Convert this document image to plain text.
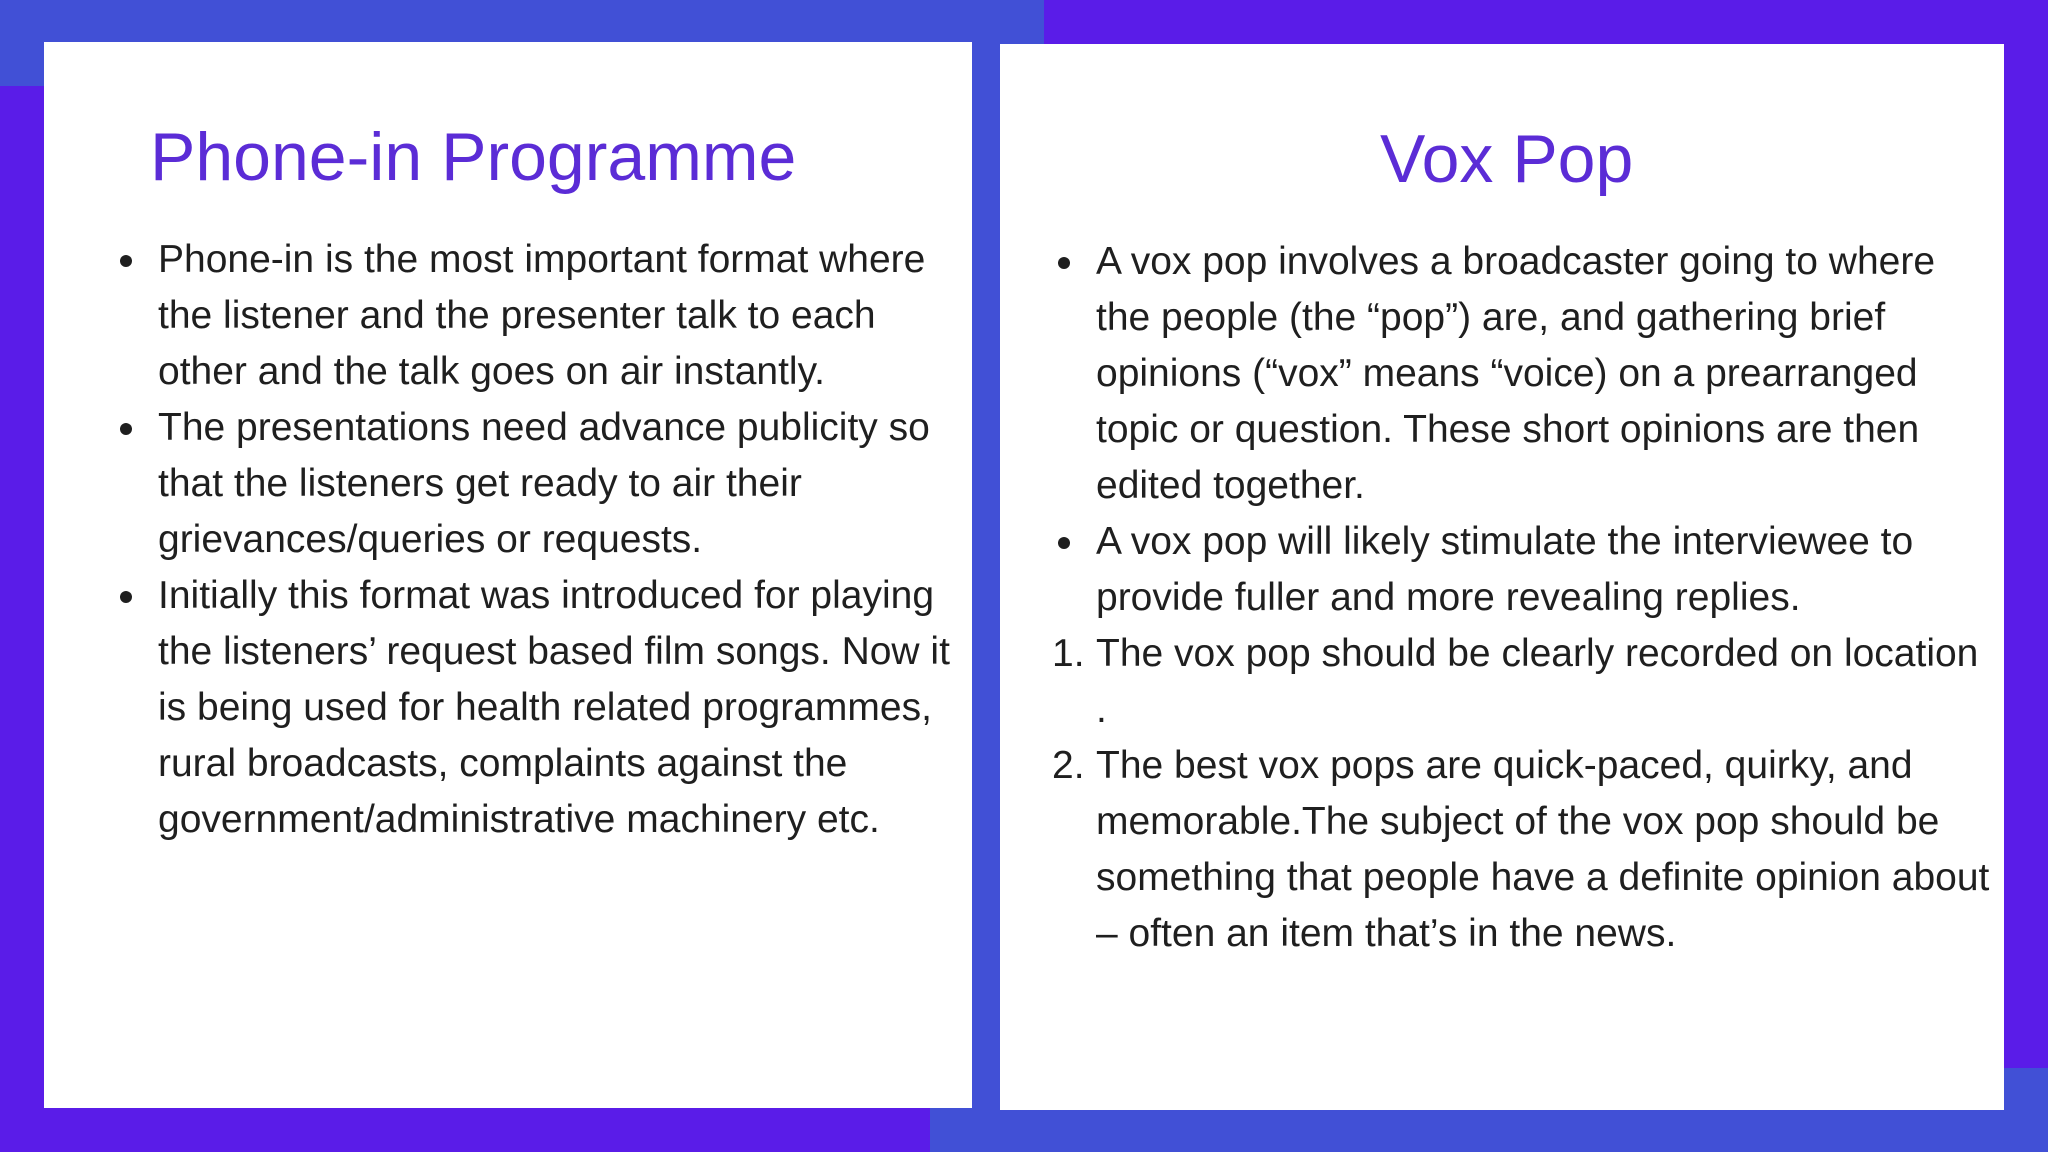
Phone-in Programme
Phone-in is the most important format where the listener and the presenter talk to each other and the talk goes on air instantly.
The presentations need advance publicity so that the listeners get ready to air their grievances/queries or requests.
Initially this format was introduced for playing the listeners’ request based film songs. Now it is being used for health related programmes, rural broadcasts, complaints against the government/administrative machinery etc.
Vox Pop
A vox pop involves a broadcaster going to where the people (the “pop”) are, and gathering brief opinions (“vox” means “voice) on a prearranged topic or question. These short opinions are then edited together.
A vox pop will likely stimulate the interviewee to provide fuller and more revealing replies.
1. The vox pop should be clearly recorded on location .
2. The best vox pops are quick-paced, quirky, and memorable.The subject of the vox pop should be something that people have a definite opinion about – often an item that’s in the news.
